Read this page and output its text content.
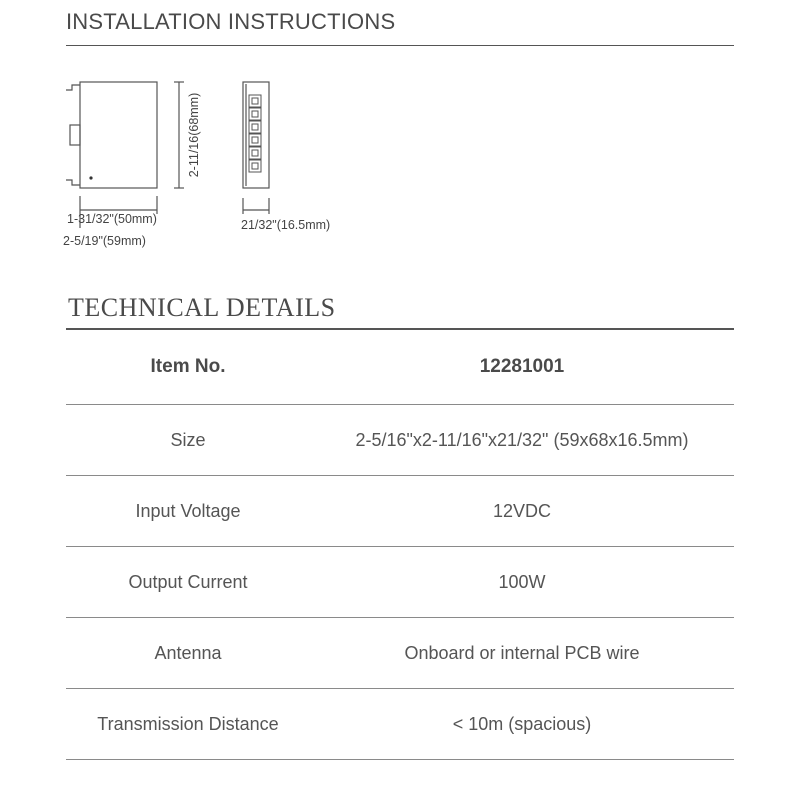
INSTALLATION INSTRUCTIONS
2-11/16(68mm)
1-31/32"(50mm)
2-5/19"(59mm)
21/32"(16.5mm)
TECHNICAL DETAILS
Item No.	12281001
Size	2-5/16"x2-11/16"x21/32" (59x68x16.5mm)
Input Voltage	12VDC
Output Current	100W
Antenna	Onboard or internal PCB wire
Transmission Distance	< 10m (spacious)
